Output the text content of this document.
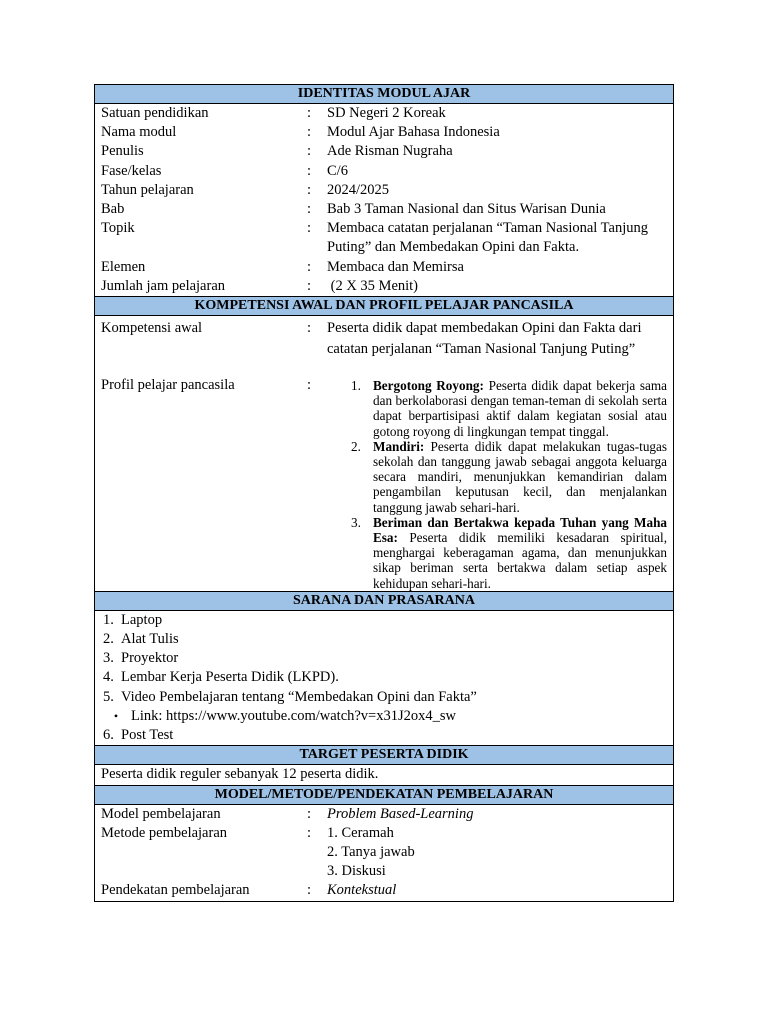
IDENTITAS MODUL AJAR

Satuan pendidikan	:	SD Negeri 2 Koreak
Nama modul	:	Modul Ajar Bahasa Indonesia
Penulis	:	Ade Risman Nugraha
Fase/kelas	:	C/6
Tahun pelajaran	:	2024/2025
Bab	:	Bab 3 Taman Nasional dan Situs Warisan Dunia
Topik	:	Membaca catatan perjalanan “Taman Nasional Tanjung Puting” dan Membedakan Opini dan Fakta.
Elemen	:	Membaca dan Memirsa
Jumlah jam pelajaran	:	(2 X 35 Menit)

KOMPETENSI AWAL DAN PROFIL PELAJAR PANCASILA

Kompetensi awal	:	Peserta didik dapat membedakan Opini dan Fakta dari catatan perjalanan “Taman Nasional Tanjung Puting”
Profil pelajar pancasila	:	1. Bergotong Royong: Peserta didik dapat bekerja sama dan berkolaborasi dengan teman-teman di sekolah serta dapat berpartisipasi aktif dalam kegiatan sosial atau gotong royong di lingkungan tempat tinggal.
2. Mandiri: Peserta didik dapat melakukan tugas-tugas sekolah dan tanggung jawab sebagai anggota keluarga secara mandiri, menunjukkan kemandirian dalam pengambilan keputusan kecil, dan menjalankan tanggung jawab sehari-hari.
3. Beriman dan Bertakwa kepada Tuhan yang Maha Esa: Peserta didik memiliki kesadaran spiritual, menghargai keberagaman agama, dan menunjukkan sikap beriman serta bertakwa dalam setiap aspek kehidupan sehari-hari.

SARANA DAN PRASARANA

1. Laptop
2. Alat Tulis
3. Proyektor
4. Lembar Kerja Peserta Didik (LKPD).
5. Video Pembelajaran tentang “Membedakan Opini dan Fakta”
• Link: https://www.youtube.com/watch?v=x31J2ox4_sw
6. Post Test

TARGET PESERTA DIDIK
Peserta didik reguler sebanyak 12 peserta didik.
MODEL/METODE/PENDEKATAN PEMBELAJARAN

Model pembelajaran	:	Problem Based-Learning
Metode pembelajaran	:	1. Ceramah
2. Tanya jawab
3. Diskusi
Pendekatan pembelajaran	:	Kontekstual
